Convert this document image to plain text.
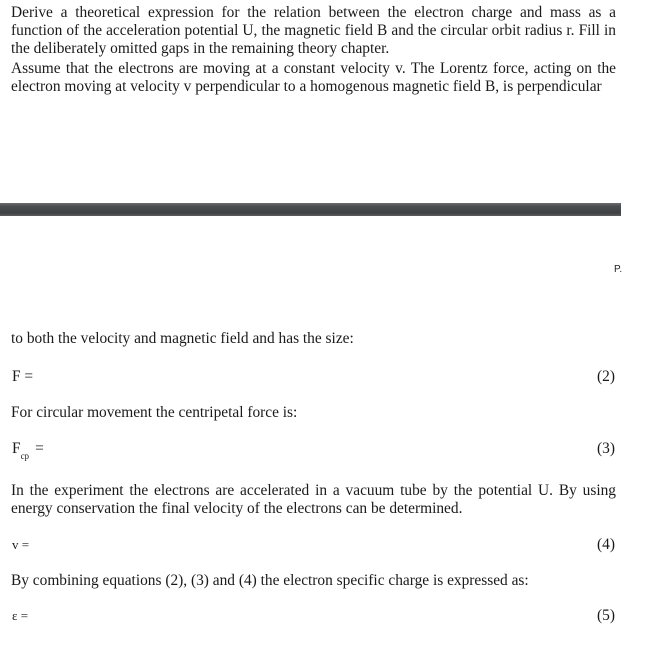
Derive a theoretical expression for the relation between the electron charge and mass as a function of the acceleration potential U, the magnetic field B and the circular orbit radius r. Fill in the deliberately omitted gaps in the remaining theory chapter.

Assume that the electrons are moving at a constant velocity v. The Lorentz force, acting on the electron moving at velocity v perpendicular to a homogenous magnetic field B, is perpendicular

P.

to both the velocity and magnetic field and has the size:

F =	(2)

For circular movement the centripetal force is:

$F_{cp}$ =	(3)

In the experiment the electrons are accelerated in a vacuum tube by the potential U. By using energy conservation the final velocity of the electrons can be determined.

v =	(4)

By combining equations (2), (3) and (4) the electron specific charge is expressed as:

ε =	(5)
